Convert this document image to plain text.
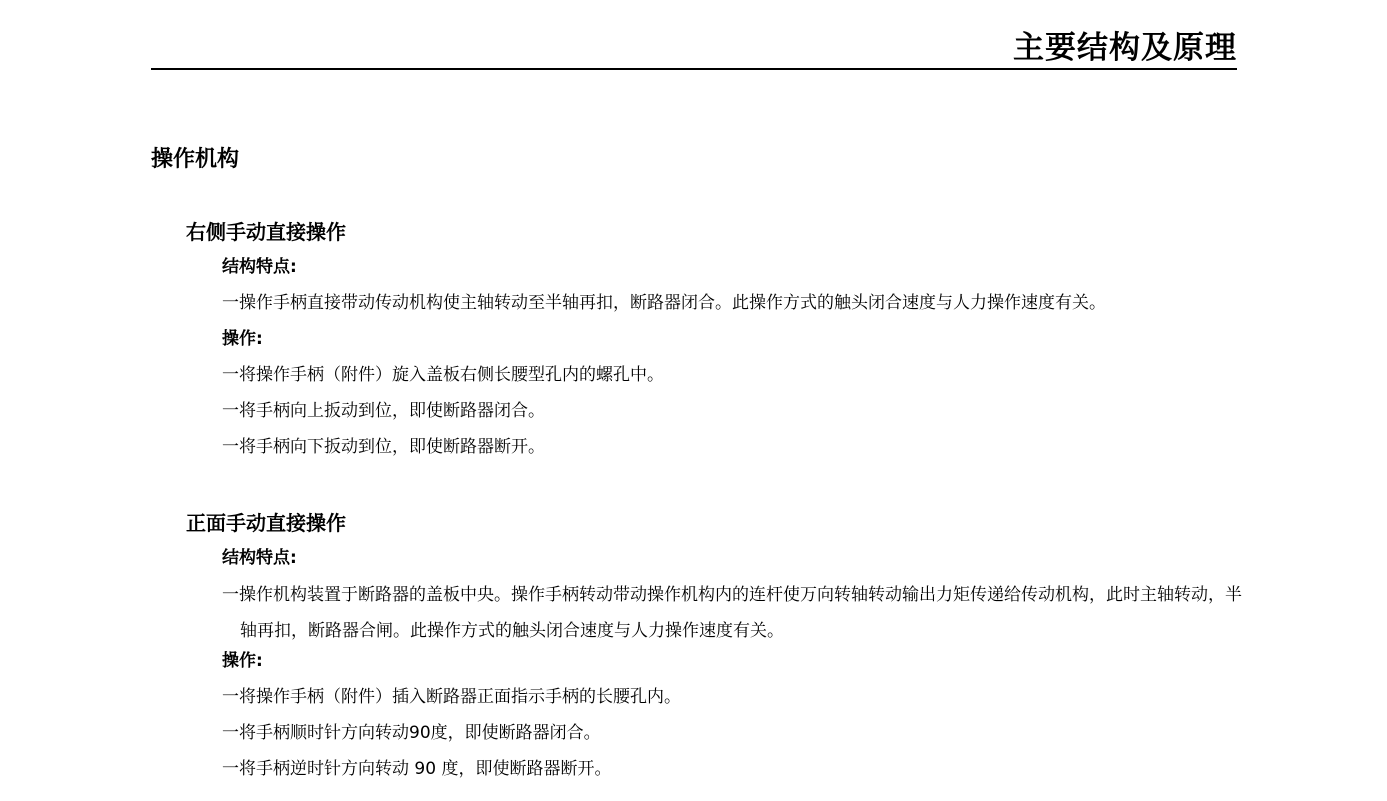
主要结构及原理
操作机构
右侧手动直接操作
结构特点:
一操作手柄直接带动传动机构使主轴转动至半轴再扣，断路器闭合。此操作方式的触头闭合速度与人力操作速度有关。
操作:
一将操作手柄（附件）旋入盖板右侧长腰型孔内的螺孔中。
一将手柄向上扳动到位，即使断路器闭合。
一将手柄向下扳动到位，即使断路器断开。
正面手动直接操作
结构特点:
一操作机构装置于断路器的盖板中央。操作手柄转动带动操作机构内的连杆使万向转轴转动输出力矩传递给传动机构，此时主轴转动，半轴再扣，断路器合闸。此操作方式的触头闭合速度与人力操作速度有关。
操作:
一将操作手柄（附件）插入断路器正面指示手柄的长腰孔内。
一将手柄顺时针方向转动90度，即使断路器闭合。
一将手柄逆时针方向转动 90 度，即使断路器断开。
